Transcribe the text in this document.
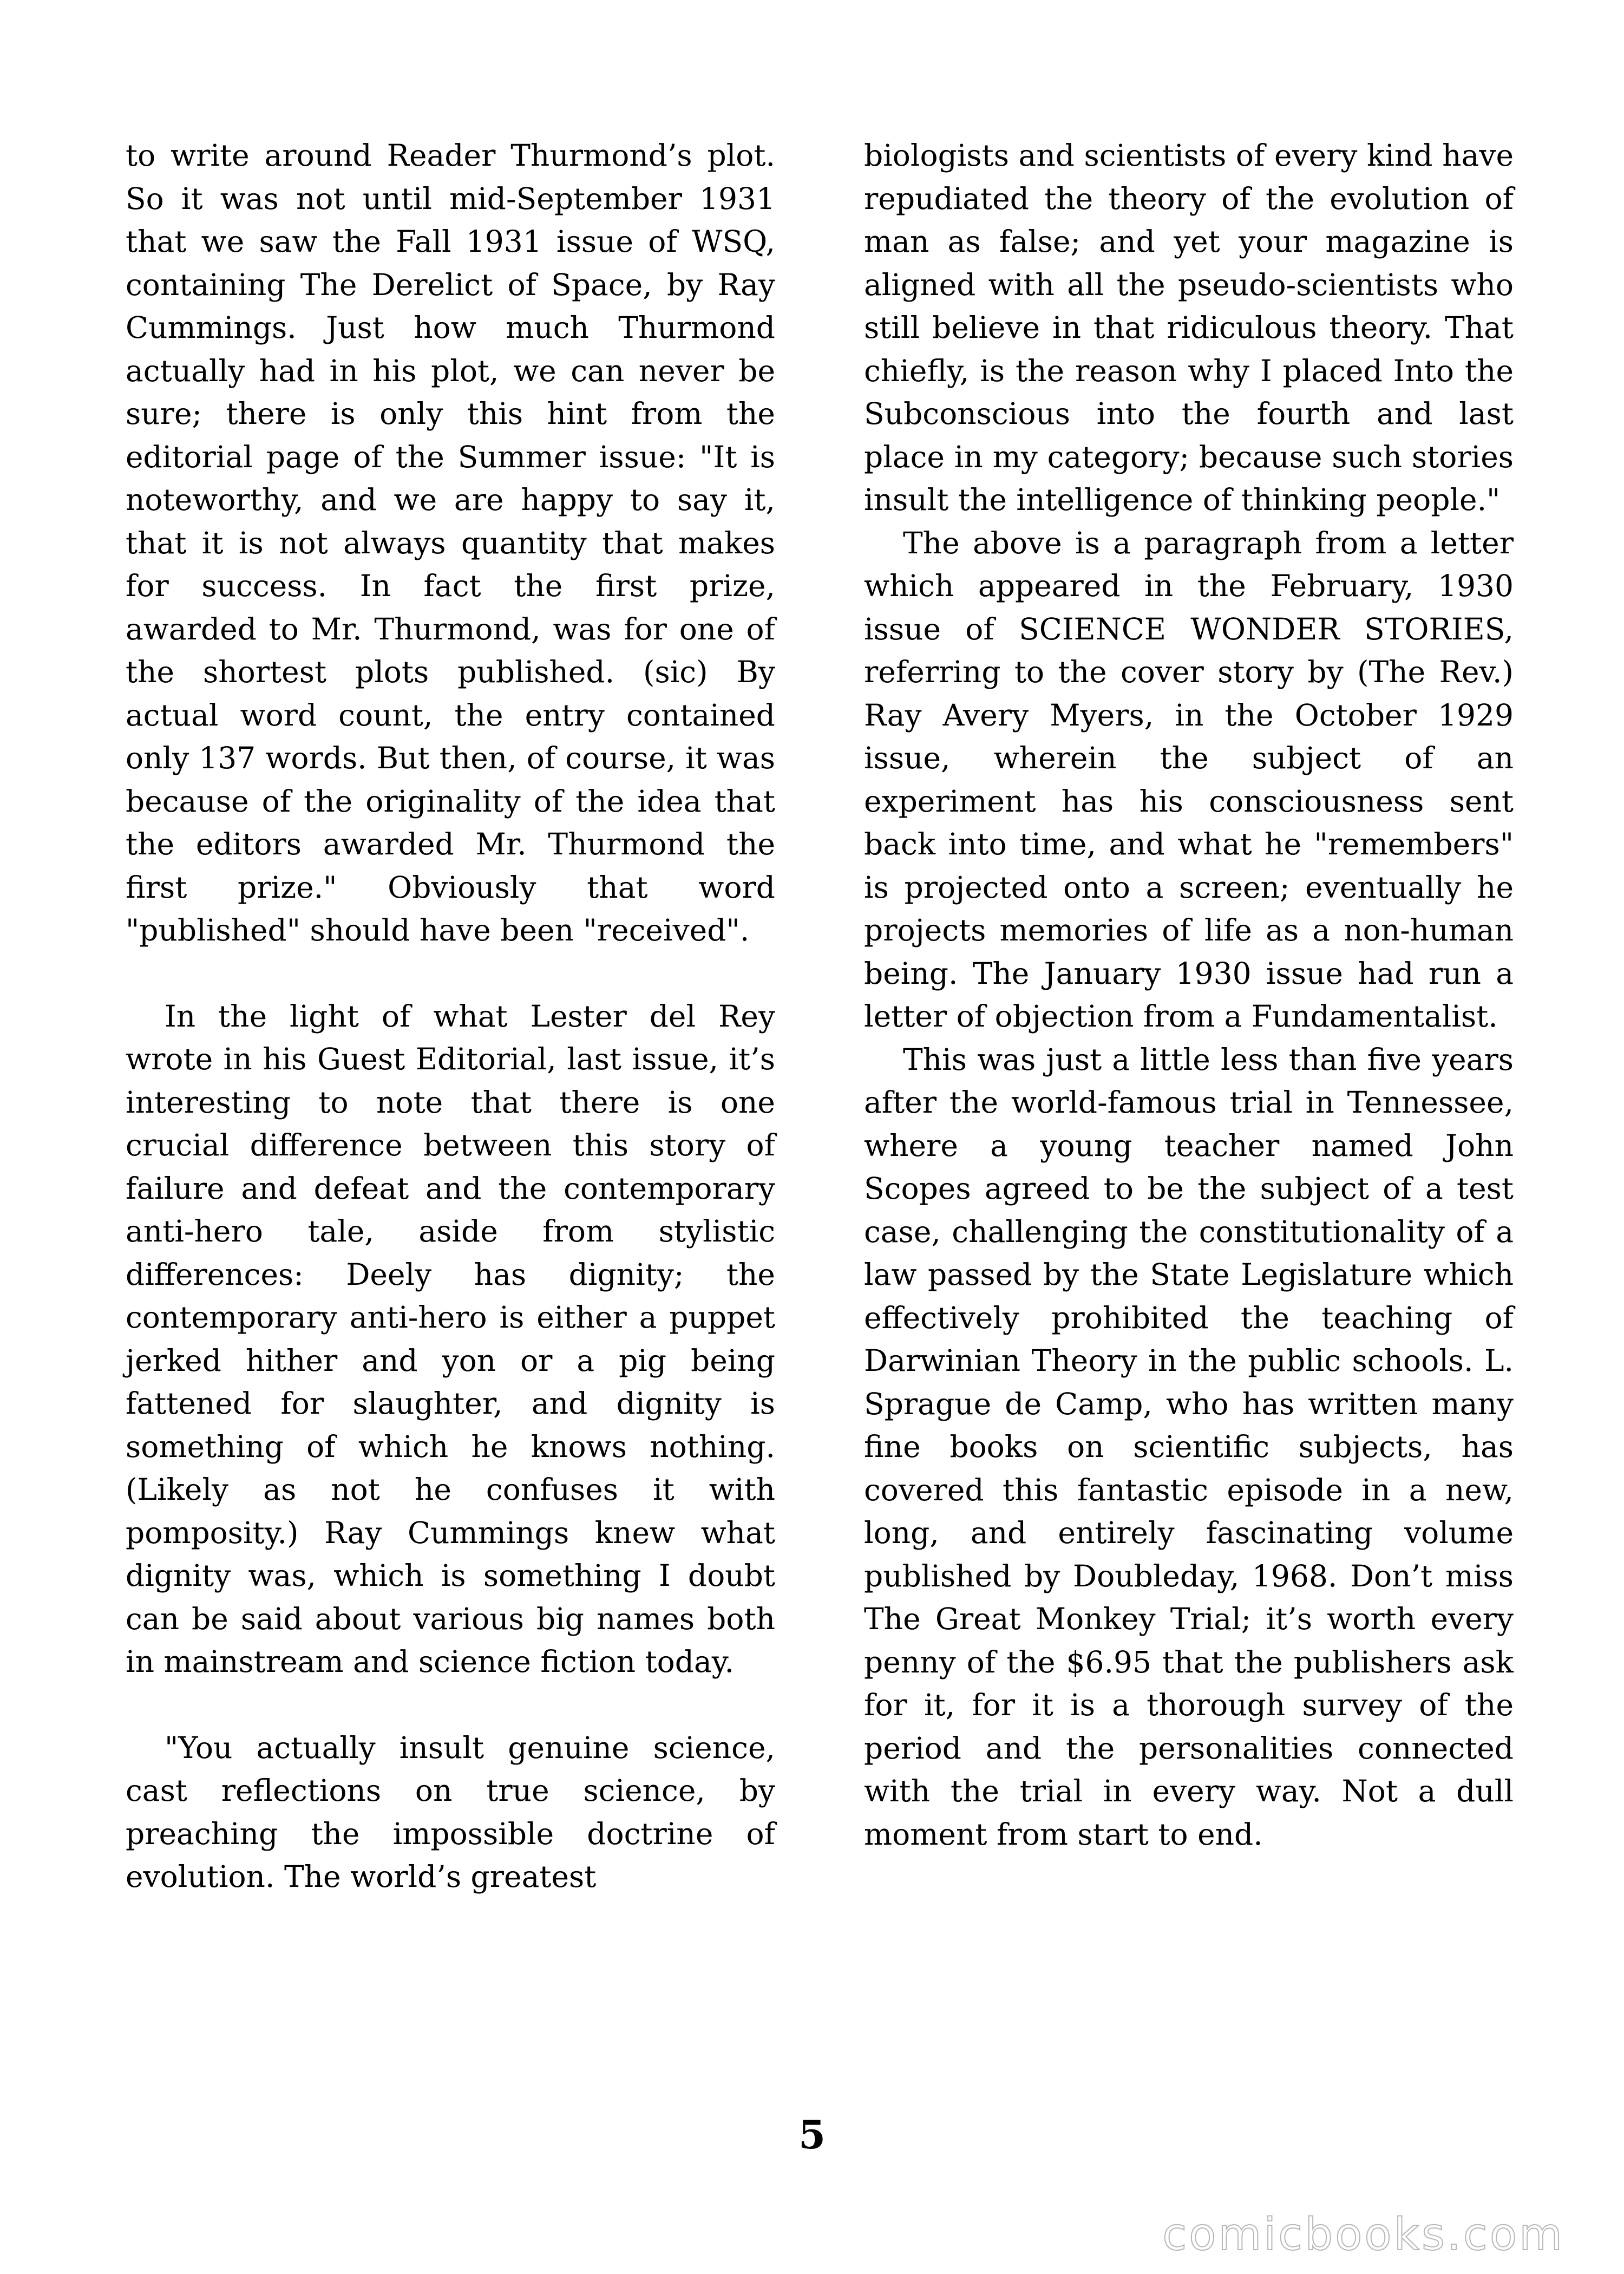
to write around Reader Thurmond’s plot. So it was not until mid-September 1931 that we saw the Fall 1931 issue of WSQ, containing The Derelict of Space, by Ray Cummings. Just how much Thurmond actually had in his plot, we can never be sure; there is only this hint from the editorial page of the Summer issue: "It is noteworthy, and we are happy to say it, that it is not always quantity that makes for success. In fact the first prize, awarded to Mr. Thurmond, was for one of the shortest plots published. (sic) By actual word count, the entry contained only 137 words. But then, of course, it was because of the originality of the idea that the editors awarded Mr. Thurmond the first prize." Obviously that word "published" should have been "received".

In the light of what Lester del Rey wrote in his Guest Editorial, last issue, it’s interesting to note that there is one crucial difference between this story of failure and defeat and the contemporary anti-hero tale, aside from stylistic differences: Deely has dignity; the contemporary anti-hero is either a puppet jerked hither and yon or a pig being fattened for slaughter, and dignity is something of which he knows nothing. (Likely as not he confuses it with pomposity.) Ray Cummings knew what dignity was, which is something I doubt can be said about various big names both in mainstream and science fiction today.

"You actually insult genuine science, cast reflections on true science, by preaching the impossible doctrine of evolution. The world’s greatest

biologists and scientists of every kind have repudiated the theory of the evolution of man as false; and yet your magazine is aligned with all the pseudo-scientists who still believe in that ridiculous theory. That chiefly, is the reason why I placed Into the Subconscious into the fourth and last place in my category; because such stories insult the intelligence of thinking people."

The above is a paragraph from a letter which appeared in the February, 1930 issue of SCIENCE WONDER STORIES, referring to the cover story by (The Rev.) Ray Avery Myers, in the October 1929 issue, wherein the subject of an experiment has his consciousness sent back into time, and what he "remembers" is projected onto a screen; eventually he projects memories of life as a non-human being. The January 1930 issue had run a letter of objection from a Fundamentalist.

This was just a little less than five years after the world-famous trial in Tennessee, where a young teacher named John Scopes agreed to be the subject of a test case, challenging the constitutionality of a law passed by the State Legislature which effectively prohibited the teaching of Darwinian Theory in the public schools. L. Sprague de Camp, who has written many fine books on scientific subjects, has covered this fantastic episode in a new, long, and entirely fascinating volume published by Doubleday, 1968. Don’t miss The Great Monkey Trial; it’s worth every penny of the $6.95 that the publishers ask for it, for it is a thorough survey of the period and the personalities connected with the trial in every way. Not a dull moment from start to end.

5
comicbooks.com
